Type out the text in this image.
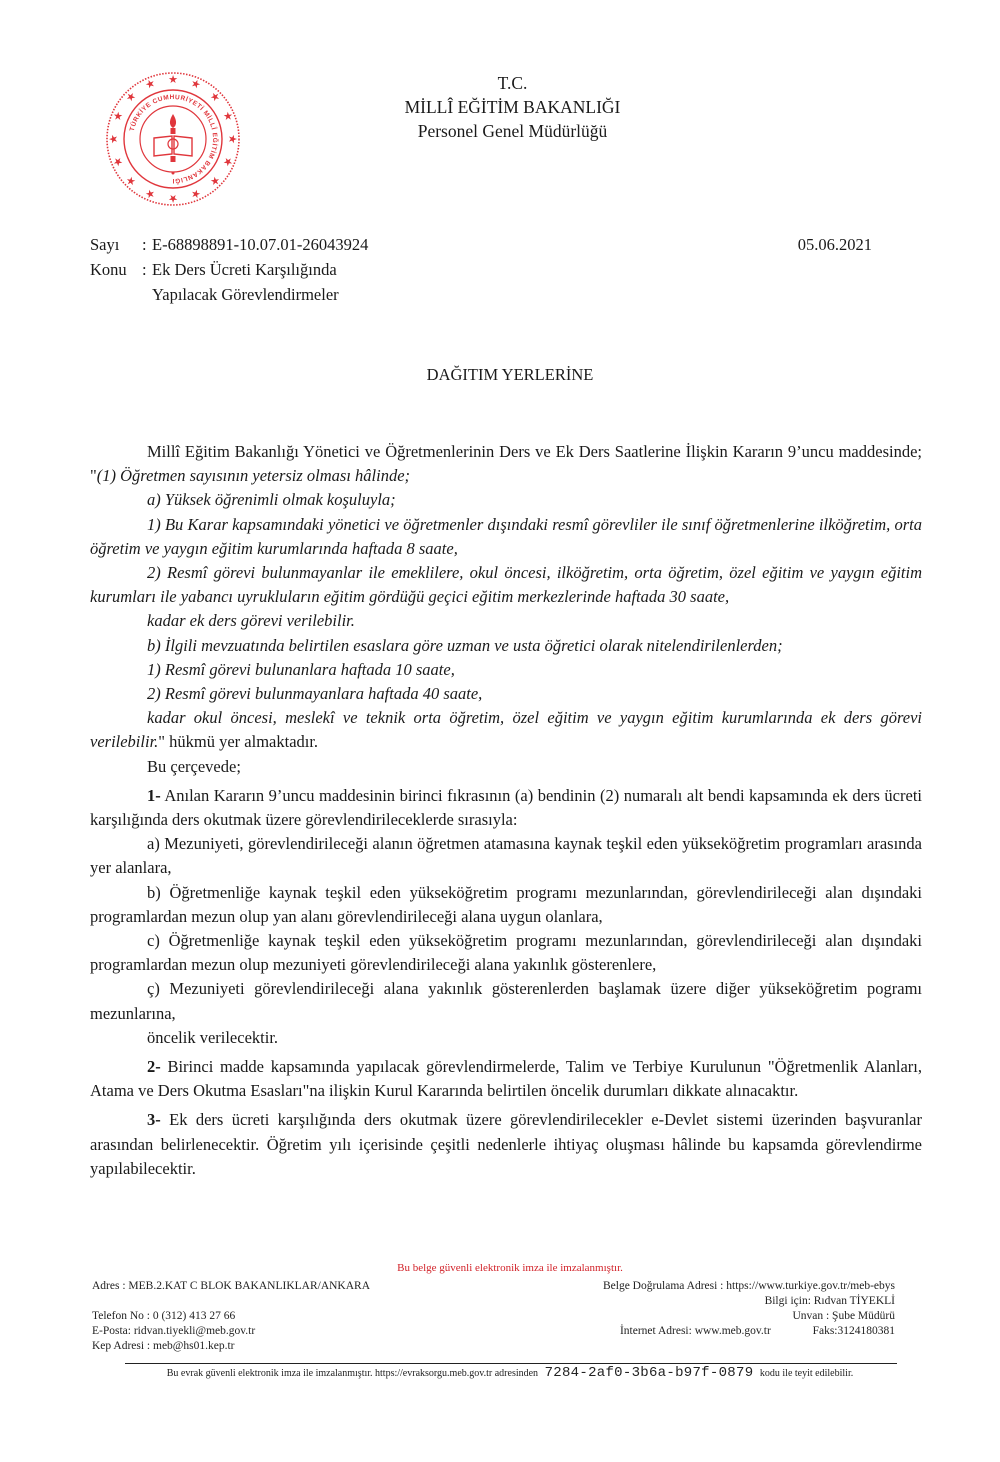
★ ★
★
★
★
★
★
★
★
★
★
★
★
★
★
★
TÜRKİYE CUMHURİYETİ MİLLÎ EĞİTİM BAKANLIĞI
T.C.
MİLLÎ EĞİTİM BAKANLIĞI
Personel Genel Müdürlüğü
Sayı	: E-68898891-10.07.01-26043924	05.06.2021
Konu : Ek Ders Ücreti Karşılığında
Yapılacak Görevlendirmeler
DAĞITIM YERLERİNE

Millî Eğitim Bakanlığı Yönetici ve Öğretmenlerinin Ders ve Ek Ders Saatlerine İlişkin Kararın 9’uncu maddesinde; "(1) Öğretmen sayısının yetersiz olması hâlinde;

a) Yüksek öğrenimli olmak koşuluyla;

1) Bu Karar kapsamındaki yönetici ve öğretmenler dışındaki resmî görevliler ile sınıf öğretmenlerine ilköğretim, orta öğretim ve yaygın eğitim kurumlarında haftada 8 saate,

2) Resmî görevi bulunmayanlar ile emeklilere, okul öncesi, ilköğretim, orta öğretim, özel eğitim ve yaygın eğitim kurumları ile yabancı uyrukluların eğitim gördüğü geçici eğitim merkezlerinde haftada 30 saate,

kadar ek ders görevi verilebilir.

b) İlgili mevzuatında belirtilen esaslara göre uzman ve usta öğretici olarak nitelendirilenlerden;

1) Resmî görevi bulunanlara haftada 10 saate,

2) Resmî görevi bulunmayanlara haftada 40 saate,

kadar okul öncesi, meslekî ve teknik orta öğretim, özel eğitim ve yaygın eğitim kurumlarında ek ders görevi verilebilir." hükmü yer almaktadır.

Bu çerçevede;

1- Anılan Kararın 9’uncu maddesinin birinci fıkrasının (a) bendinin (2) numaralı alt bendi kapsamında ek ders ücreti karşılığında ders okutmak üzere görevlendirileceklerde sırasıyla:

a) Mezuniyeti, görevlendirileceği alanın öğretmen atamasına kaynak teşkil eden yükseköğretim programları arasında yer alanlara,

b) Öğretmenliğe kaynak teşkil eden yükseköğretim programı mezunlarından, görevlendirileceği alan dışındaki programlardan mezun olup yan alanı görevlendirileceği alana uygun olanlara,

c) Öğretmenliğe kaynak teşkil eden yükseköğretim programı mezunlarından, görevlendirileceği alan dışındaki programlardan mezun olup mezuniyeti görevlendirileceği alana yakınlık gösterenlere,

ç) Mezuniyeti görevlendirileceği alana yakınlık gösterenlerden başlamak üzere diğer yükseköğretim pogramı mezunlarına,

öncelik verilecektir.

2- Birinci madde kapsamında yapılacak görevlendirmelerde, Talim ve Terbiye Kurulunun "Öğretmenlik Alanları, Atama ve Ders Okutma Esasları"na ilişkin Kurul Kararında belirtilen öncelik durumları dikkate alınacaktır.

3- Ek ders ücreti karşılığında ders okutmak üzere görevlendirilecekler e-Devlet sistemi üzerinden başvuranlar arasından belirlenecektir. Öğretim yılı içerisinde çeşitli nedenlerle ihtiyaç oluşması hâlinde bu kapsamda görevlendirme yapılabilecektir.

Bu belge güvenli elektronik imza ile imzalanmıştır.
Adres : MEB.2.KAT C BLOK BAKANLIKLAR/ANKARA
Telefon No : 0 (312) 413 27 66
E-Posta: ridvan.tiyekli@meb.gov.tr
Kep Adresi : meb@hs01.kep.tr
Belge Doğrulama Adresi : https://www.turkiye.gov.tr/meb-ebys
Bilgi için: Rıdvan TİYEKLİ
Unvan : Şube Müdürü
İnternet Adresi: www.meb.gov.tr	Faks:3124180381
Bu evrak güvenli elektronik imza ile imzalanmıştır. https://evraksorgu.meb.gov.tr adresinden 7284-2af0-3b6a-b97f-0879 kodu ile teyit edilebilir.
